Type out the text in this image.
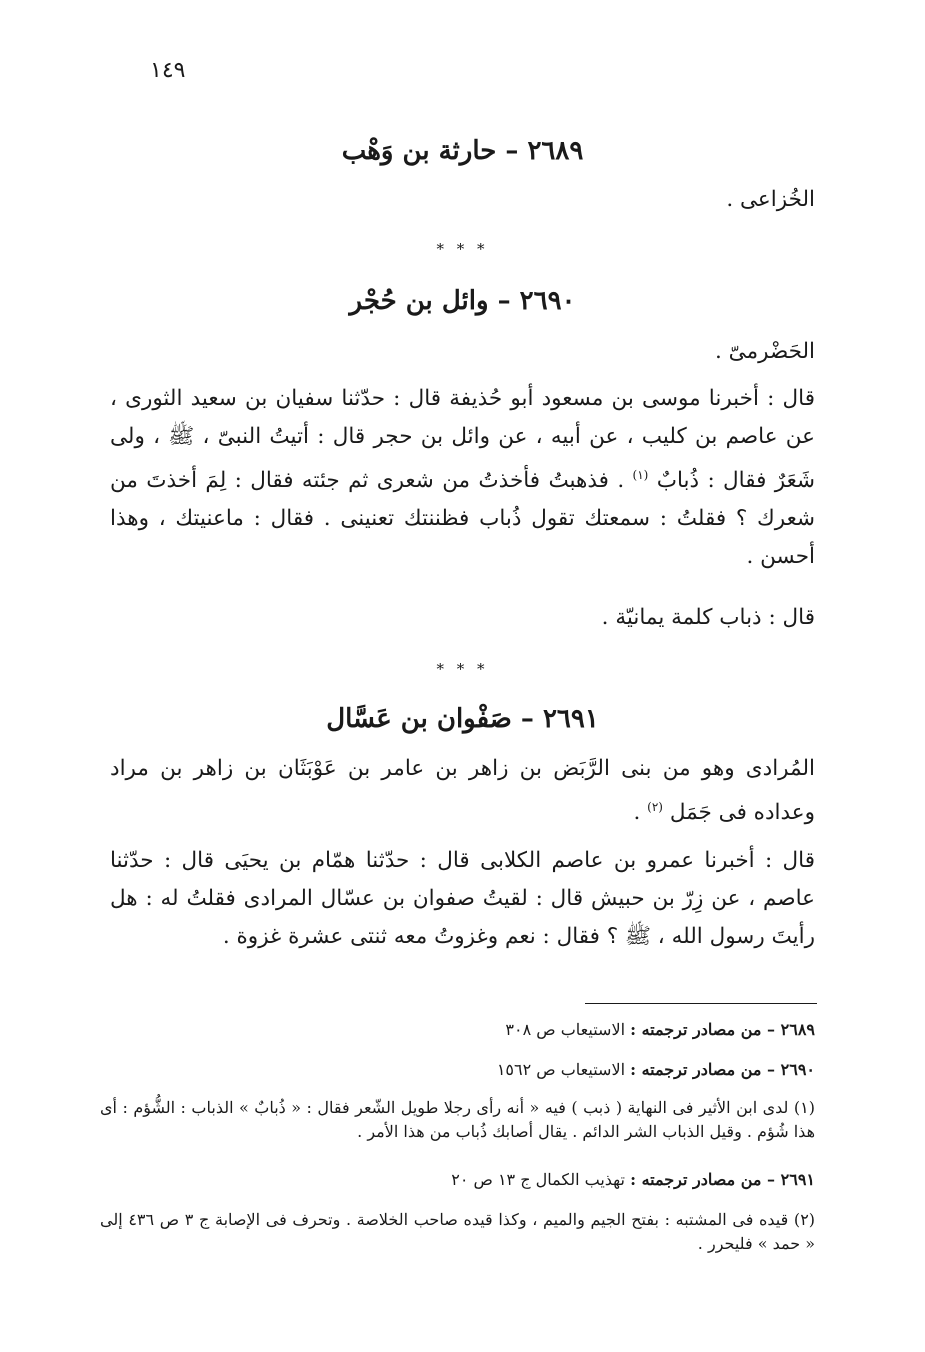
١٤٩
٢٦٨٩ – حارثة بن وَهْب

الخُزاعى .

* * *
٢٦٩٠ – وائل بن حُجْر

الحَضْرمىّ .

قال : أخبرنا موسى بن مسعود أبو حُذيفة قال : حدّثنا سفيان بن سعيد الثورى ، عن عاصم بن كليب ، عن أبيه ، عن وائل بن حجر قال : أتيتُ النبىّ ، ﷺ ، ولى شَعَرٌ فقال : ذُبابٌ $^{(١)}$ . فذهبتُ فأخذتُ من شعرى ثم جئته فقال : لِمَ أخذتَ من شعرك ؟ فقلتُ : سمعتك تقول ذُباب فظننتك تعنينى . فقال : ماعنيتك ، وهذا أحسن .

قال : ذباب كلمة يمانيّة .

* * *
٢٦٩١ – صَفْوان بن عَسَّال

المُرادى وهو من بنى الرَّبَض بن زاهر بن عامر بن عَوْبَثَان بن زاهر بن مراد وعداده فى جَمَل $^{(٢)}$ .

قال : أخبرنا عمرو بن عاصم الكلابى قال : حدّثنا همّام بن يحيَى قال : حدّثنا عاصم ، عن زِرّ بن حبيش قال : لقيتُ صفوان بن عسّال المرادى فقلتُ له : هل رأيتَ رسول الله ، ﷺ ؟ فقال : نعم وغزوتُ معه ثنتى عشرة غزوة .

٢٦٨٩ – من مصادر ترجمته : الاستيعاب ص ٣٠٨

٢٦٩٠ – من مصادر ترجمته : الاستيعاب ص ١٥٦٢

(١) لدى ابن الأثير فى النهاية ( ذبب ) فيه « أنه رأى رجلا طويل الشّعر فقال : « ذُبابٌ » الذباب : الشُّؤم : أى هذا شُؤم . وقيل الذباب الشر الدائم . يقال أصابك ذُباب من هذا الأمر .

٢٦٩١ – من مصادر ترجمته : تهذيب الكمال ج ١٣ ص ٢٠

(٢) قيده فى المشتبه : بفتح الجيم والميم ، وكذا قيده صاحب الخلاصة . وتحرف فى الإصابة ج ٣ ص ٤٣٦ إلى « حمد » فليحرر .
